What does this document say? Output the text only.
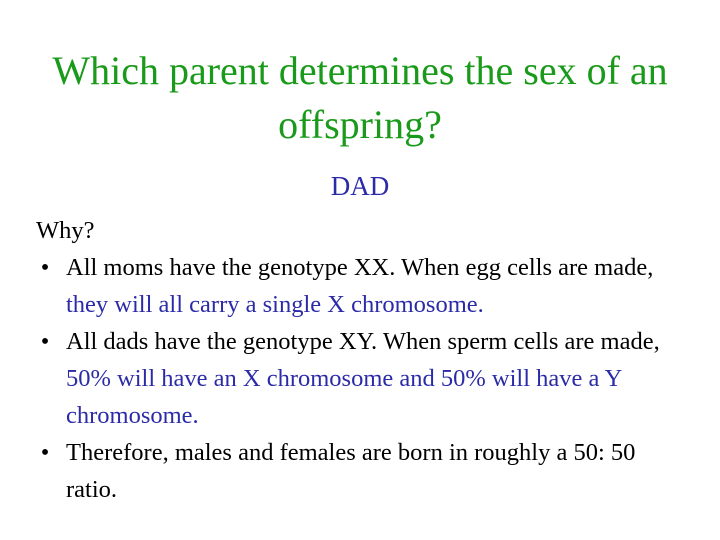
Which parent determines the sex of an offspring?
DAD
Why?
• All moms have the genotype XX. When egg cells are made, they will all carry a single X chromosome.
• All dads have the genotype XY. When sperm cells are made, 50% will have an X chromosome and 50% will have a Y chromosome.
• Therefore, males and females are born in roughly a 50: 50 ratio.
